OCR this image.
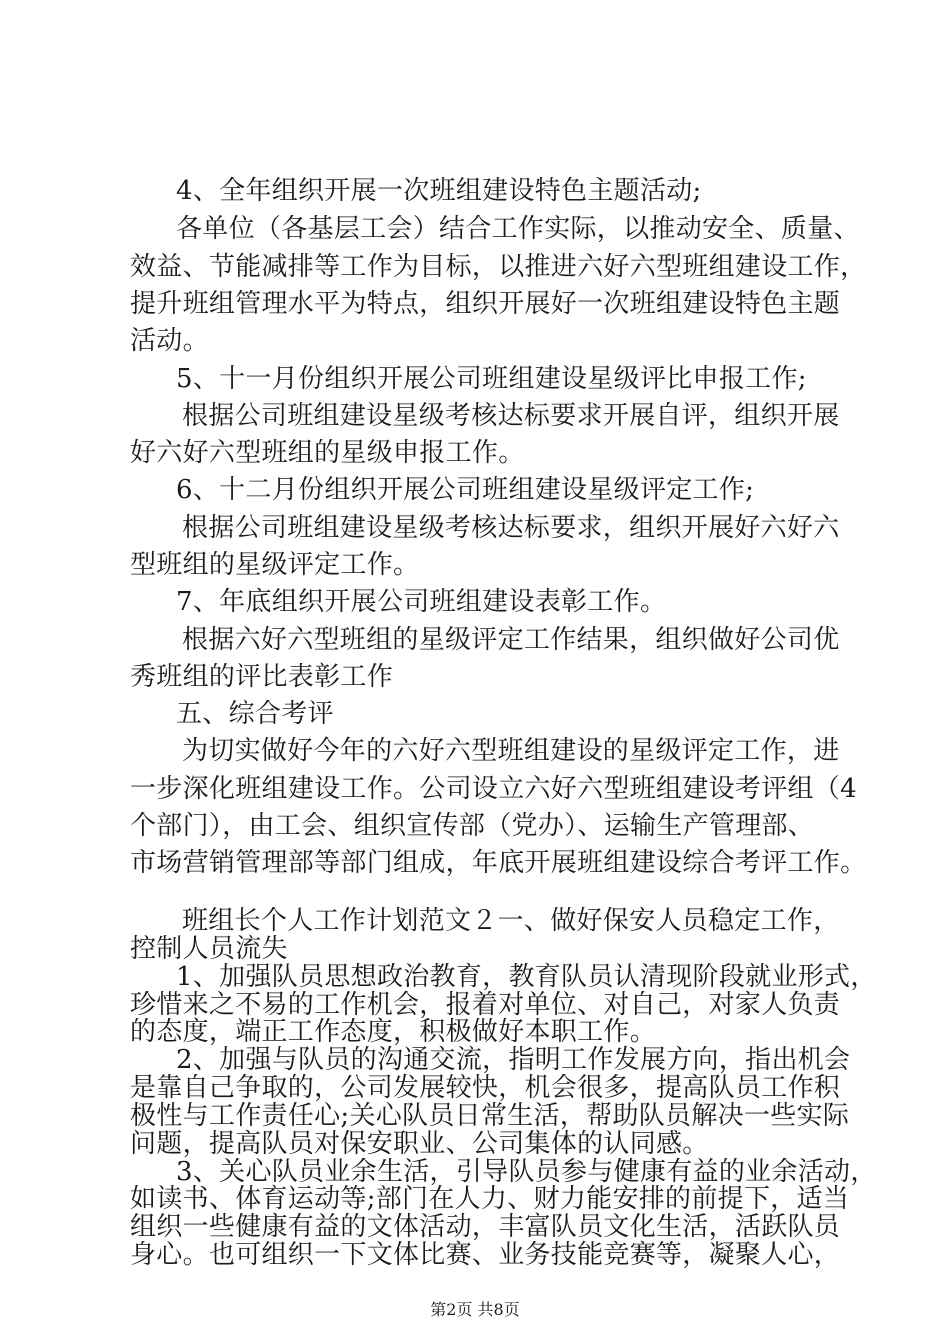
4、全年组织开展一次班组建设特色主题活动;
各单位（各基层工会）结合工作实际，以推动安全、质量、
效益、节能减排等工作为目标，以推进六好六型班组建设工作，
提升班组管理水平为特点，组织开展好一次班组建设特色主题
活动。
5、十一月份组织开展公司班组建设星级评比申报工作;
根据公司班组建设星级考核达标要求开展自评，组织开展
好六好六型班组的星级申报工作。
6、十二月份组织开展公司班组建设星级评定工作;
根据公司班组建设星级考核达标要求，组织开展好六好六
型班组的星级评定工作。
7、年底组织开展公司班组建设表彰工作。
根据六好六型班组的星级评定工作结果，组织做好公司优
秀班组的评比表彰工作
五、综合考评
为切实做好今年的六好六型班组建设的星级评定工作，进
一步深化班组建设工作。公司设立六好六型班组建设考评组（4
个部门），由工会、组织宣传部（党办）、运输生产管理部、
市场营销管理部等部门组成，年底开展班组建设综合考评工作。
班组长个人工作计划范文２一、做好保安人员稳定工作，
控制人员流失
1、加强队员思想政治教育，教育队员认清现阶段就业形式，
珍惜来之不易的工作机会，报着对单位、对自己，对家人负责
的态度，端正工作态度，积极做好本职工作。
2、加强与队员的沟通交流，指明工作发展方向，指出机会
是靠自己争取的，公司发展较快，机会很多，提高队员工作积
极性与工作责任心;关心队员日常生活，帮助队员解决一些实际
问题，提高队员对保安职业、公司集体的认同感。
3、关心队员业余生活，引导队员参与健康有益的业余活动，
如读书、体育运动等;部门在人力、财力能安排的前提下，适当
组织一些健康有益的文体活动，丰富队员文化生活，活跃队员
身心。也可组织一下文体比赛、业务技能竞赛等，凝聚人心，
第2页 共8页
